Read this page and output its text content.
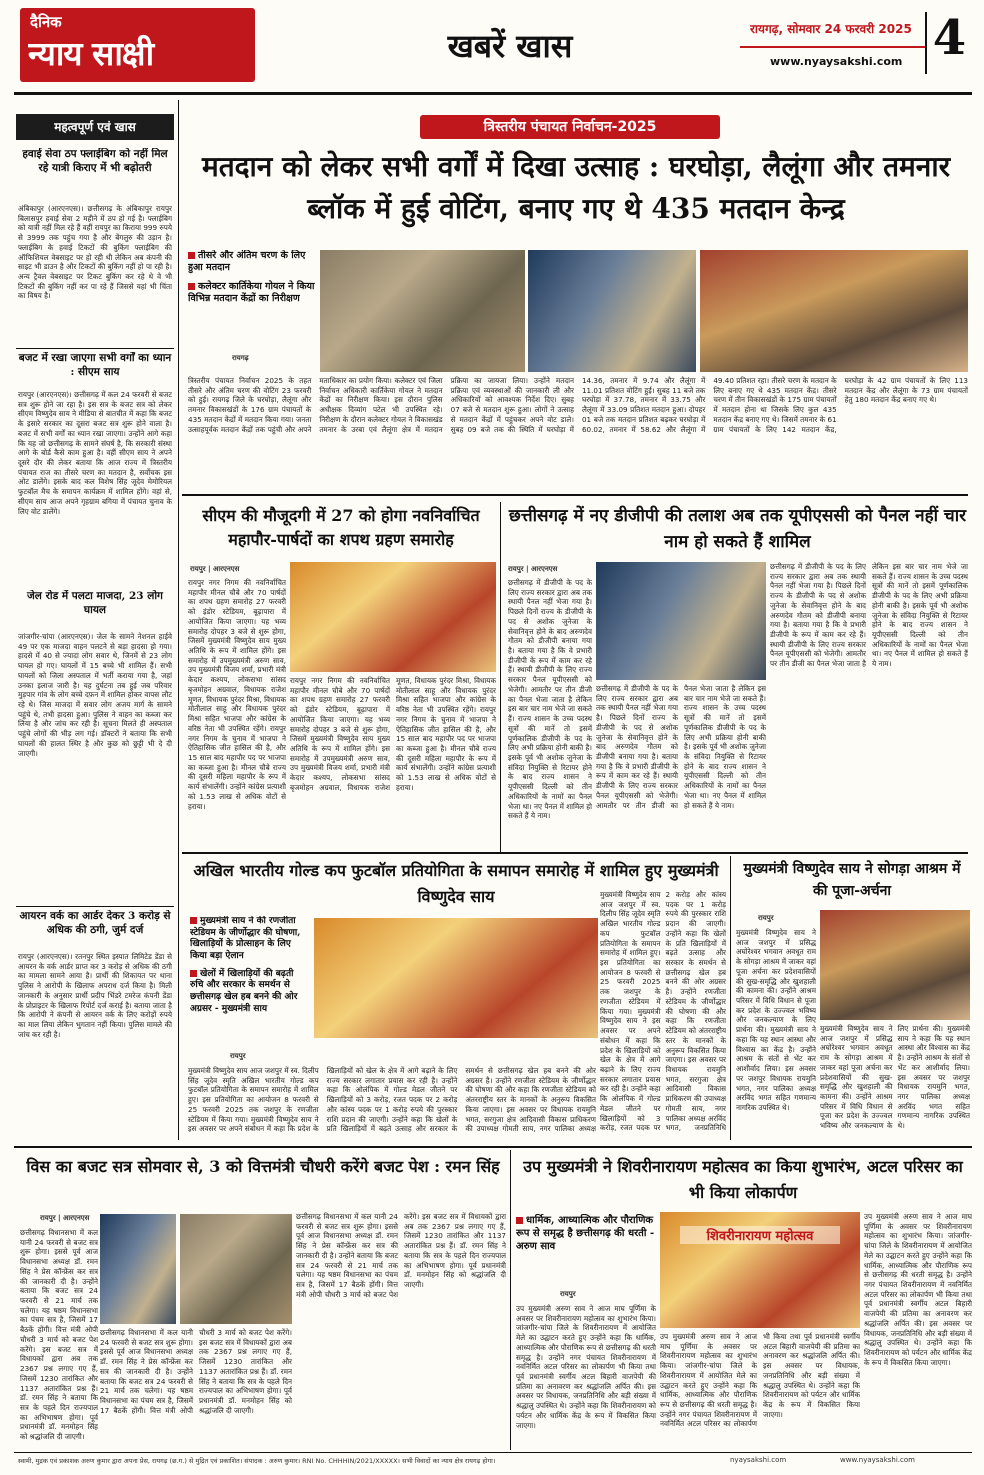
दैनिक
न्याय साक्षी	खबरें खास	रायगढ़, सोमवार 24 फरवरी 2025
www.nyaysakshi.com 4
महत्वपूर्ण एवं खास
हवाई सेवा ठप फ्लाईबिग को नहीं मिल रहे यात्री किराए में भी बढ़ोतरी
अंबिकापुर (आरएनएस)। छत्तीसगढ़ के अंबिकापुर रायपुर बिलासपुर हवाई सेवा 2 महीने में ठप हो गई है। फ्लाईबिग को यात्री नहीं मिल रहे हैं वहीं रायपुर का किराया 999 रुपये से 3999 तक पहुंच गया है और बेंगलुरु की उड़ान है। फ्लाईबिग के हवाई टिकटों की बुकिंग फ्लाईबिग की ऑफिशियल वेबसाइट पर हो रही थी लेकिन अब कंपनी की साइट भी डाउन है और टिकटों की बुकिंग नहीं हो पा रही है। अन्य ट्रैवल वेबसाइट पर टिकट बुकिंग कर रहे थे वे भी टिकटों की बुकिंग नहीं कर पा रहे हैं जिससे यहां भी चिंता का विषय है।
बजट में रखा जाएगा सभी वर्गों का ध्यान : सीएम साय
रायपुर (आरएनएस)। छत्तीसगढ़ में कल 24 फरवरी से बजट सत्र शुरू होने जा रहा है। इस सत्र के बजट सत्र को लेकर सीएम विष्णुदेव साय ने मीडिया से बातचीत में कहा कि बजट के इसारे सरकार का दूसरा बजट सत्र शुरू होने वाला है। बजट में सभी वर्गों का ध्यान रखा जाएगा। उन्होंने आगे कहा कि यह जो छत्तीसगढ़ के सामने संघर्ष है, कि सरकारी संस्था आगे के बोर्ड कैसे काम हुआ है। वहीं सीएम साय ने अपने दूसरे दौर की लेकर बताया कि आज राज्य में त्रिस्तरीय पंचायत राज का तीसरे चरण का मतदान है, सर्वोचक इस ओट डालेंगे। इसके बाद कल विशेष सिंह जूदेव मेमोरियल फुटबॉल मैच के समापन कार्यक्रम में शामिल होंगे। वहां से, सीएम साय आज अपने गृहग्राम बगिया में पंचायत चुनाव के लिए वोट डालेंगे।
जेल रोड में पलटा माजदा, 23 लोग घायल
जांजगीर-चांपा (आरएनएस)। जेल के सामने नेशनल हाईवे 49 पर एक माजदा वाहन पलटने से बड़ा हादसा हो गया। हादसे में 40 से ज्यादा लोग सवार थे, जिनमें से 23 लोग घायल हो गए। घायलों में 15 बच्चे भी शामिल हैं। सभी घायलों को जिला अस्पताल में भर्ती कराया गया है, जहां उनका इलाज जारी है। यह दुर्घटना तब हुई जब परिवार मुड़पार गांव के लोग बच्चे दफ़न में शामिल होकर वापस लौट रहे थे। जिस माजदा में सवार लोग अजय मार्ग के सामने पहुंचे थे, तभी हादसा हुआ। पुलिस ने वाहन का कब्जा कर लिया है और जांच कर रही है। सूचना मिलते ही अस्पताल पहुंचे लोगों की भीड़ लग गई। डॉक्टरों ने बताया कि सभी घायलों की हालत स्थिर है और कुछ को छुट्टी भी दे दी जाएगी।
आयरन वर्क का आर्डर देकर 3 करोड़ से अधिक की ठगी, जुर्म दर्ज
रायपुर (आरएनएस)। रतनपुर स्थित इस्पात लिमिटेड डेंडा से आयरन के वर्क आर्डर प्राप्त कर 3 करोड़ से अधिक की ठगी का मामला सामने आया है। प्रार्थी की शिकायत पर थाना पुलिस ने आरोपी के खिलाफ अपराध दर्ज किया है। मिली जानकारी के अनुसार प्रार्थी प्रदीप भिंडरे टमरेज कंपनी डेंडा के प्रोप्राइटर के खिलाफ रिपोर्ट दर्ज कराई है। बताया जाता है कि आरोपी ने कंपनी से आयरन वर्क के लिए करोड़ों रुपये का माल लिया लेकिन भुगतान नहीं किया। पुलिस मामले की जांच कर रही है।
त्रिस्तरीय पंचायत निर्वाचन-2025
मतदान को लेकर सभी वर्गों में दिखा उत्साह : घरघोड़ा, लैलूंगा और तमनार ब्लॉक में हुई वोटिंग, बनाए गए थे 435 मतदान केन्द्र
तीसरे और अंतिम चरण के लिए हुआ मतदान
कलेक्टर कार्तिकेया गोयल ने किया विभिन्न मतदान केंद्रों का निरीक्षण
रायगढ़
त्रिस्तरीय पंचायत निर्वाचन 2025 के तहत तीसरे और अंतिम चरण की वोटिंग 23 फरवरी को हुई। रायगढ़ जिले के घरघोड़ा, लैलूंगा और तमनार विकासखंडों के 176 ग्राम पंचायतों के 435 मतदान केंद्रों में मतदान किया गया। जनता उत्साहपूर्वक मतदान केंद्रों तक पहुंची और अपने मताधिकार का प्रयोग किया। कलेक्टर एवं जिला निर्वाचन अधिकारी कार्तिकेया गोयल ने मतदान केंद्रों का निरीक्षण किया। इस दौरान पुलिस अधीक्षक दिव्यांग पटेल भी उपस्थित रहे। निरीक्षण के दौरान कलेक्टर गोयल ने विकासखंड तमनार के उरबा एवं लैलूंगा क्षेत्र में मतदान प्रक्रिया का जायजा लिया। उन्होंने मतदान प्रक्रिया एवं व्यवस्थाओं की जानकारी ली और अधिकारियों को आवश्यक निर्देश दिए। सुबह 07 बजे से मतदान शुरू हुआ। लोगों ने उत्साह से मतदान केंद्रों में पहुंचकर अपने वोट डाले। सुबह 09 बजे तक की स्थिति में घरघोड़ा में 14.36, तमनार में 9.74 और लैलूंगा में 11.01 प्रतिशत वोटिंग हुई। सुबह 11 बजे तक घरघोड़ा में 37.78, तमनार में 33.75 और लैलूंगा में 33.09 प्रतिशत मतदान हुआ। दोपहर 01 बजे तक मतदान प्रतिशत बढ़कर घरघोड़ा में 60.02, तमनार में 58.62 और लैलूंगा में 49.40 प्रतिशत रहा। तीसरे चरण के मतदान के लिए बनाए गए थे 435 मतदान केंद्र। तीसरे चरण में तीन विकासखंडों के 175 ग्राम पंचायतों में मतदान होना था जिसके लिए कुल 435 मतदान केंद्र बनाए गए थे। जिसमें तमनार के 61 ग्राम पंचायतों के लिए 142 मतदान केंद्र, घरघोड़ा के 42 ग्राम पंचायतों के लिए 113 मतदान केंद्र और लैलूंगा के 73 ग्राम पंचायतों हेतु 180 मतदान केंद्र बनाए गए थे।
सीएम की मौजूदगी में 27 को होगा नवनिर्वाचित महापौर-पार्षदों का शपथ ग्रहण समारोह
रायपुर | आरएनएस
रायपुर नगर निगम की नवनिर्वाचित महापौर मीनल चौबे और 70 पार्षदों का शपथ ग्रहण समारोह 27 फरवरी को इंडोर स्टेडियम, बूढ़ापारा में आयोजित किया जाएगा। यह भव्य समारोह दोपहर 3 बजे से शुरू होगा, जिसमें मुख्यमंत्री विष्णुदेव साय मुख्य अतिथि के रूप में शामिल होंगे। इस समारोह में उपमुख्यमंत्री अरुण साव, उप मुख्यमंत्री विजय शर्मा, प्रभारी मंत्री केदार कश्यप, लोकसभा सांसद बृजमोहन अग्रवाल, विधायक राजेश मूणत, विधायक पुरंदर मिश्रा, विधायक मोतीलाल साहू और विधायक पुरंदर मिश्रा सहित भाजपा और कांग्रेस के वरिष्ठ नेता भी उपस्थित रहेंगे। रायपुर नगर निगम के चुनाव में भाजपा ने ऐतिहासिक जीत हासिल की है, और 15 साल बाद महापौर पद पर भाजपा का कब्जा हुआ है। मीनल चौबे राज्य की दूसरी महिला महापौर के रूप में कार्य संभालेंगी। उन्होंने कांग्रेस प्रत्याशी को 1.53 लाख से अधिक वोटों से हराया।
रायपुर नगर निगम की नवनिर्वाचित महापौर मीनल चौबे और 70 पार्षदों का शपथ ग्रहण समारोह 27 फरवरी को इंडोर स्टेडियम, बूढ़ापारा में आयोजित किया जाएगा। यह भव्य समारोह दोपहर 3 बजे से शुरू होगा, जिसमें मुख्यमंत्री विष्णुदेव साय मुख्य अतिथि के रूप में शामिल होंगे। इस समारोह में उपमुख्यमंत्री अरुण साव, उप मुख्यमंत्री विजय शर्मा, प्रभारी मंत्री केदार कश्यप, लोकसभा सांसद बृजमोहन अग्रवाल, विधायक राजेश मूणत, विधायक पुरंदर मिश्रा, विधायक मोतीलाल साहू और विधायक पुरंदर मिश्रा सहित भाजपा और कांग्रेस के वरिष्ठ नेता भी उपस्थित रहेंगे। रायपुर नगर निगम के चुनाव में भाजपा ने ऐतिहासिक जीत हासिल की है, और 15 साल बाद महापौर पद पर भाजपा का कब्जा हुआ है। मीनल चौबे राज्य की दूसरी महिला महापौर के रूप में कार्य संभालेंगी। उन्होंने कांग्रेस प्रत्याशी को 1.53 लाख से अधिक वोटों से हराया।
छत्तीसगढ़ में नए डीजीपी की तलाश अब तक यूपीएससी को पैनल नहीं चार नाम हो सकते हैं शामिल
रायपुर | आरएनएस
छत्तीसगढ़ में डीजीपी के पद के लिए राज्य सरकार द्वारा अब तक स्थायी पैनल नहीं भेजा गया है। पिछले दिनों राज्य के डीजीपी के पद से अशोक जुनेजा के सेवानिवृत्त होने के बाद अरुणदेव गौतम को डीजीपी बनाया गया है। बताया गया है कि वे प्रभारी डीजीपी के रूप में काम कर रहे हैं। स्थायी डीजीपी के लिए राज्य सरकार पैनल यूपीएससी को भेजेगी। आमतौर पर तीन डीजी का पैनल भेजा जाता है लेकिन इस बार चार नाम भेजे जा सकते हैं। राज्य शासन के उच्च पदस्थ सूत्रों की मानें तो इसमें पूर्णकालिक डीजीपी के पद के लिए अभी प्रक्रिया होनी बाकी है। इसके पूर्व भी अशोक जुनेजा के संविदा नियुक्ति से रिटायर होने के बाद राज्य शासन ने यूपीएससी दिल्ली को तीन अधिकारियों के नामों का पैनल भेजा था। नए पैनल में शामिल हो सकते हैं ये नाम।
छत्तीसगढ़ में डीजीपी के पद के लिए राज्य सरकार द्वारा अब तक स्थायी पैनल नहीं भेजा गया है। पिछले दिनों राज्य के डीजीपी के पद से अशोक जुनेजा के सेवानिवृत्त होने के बाद अरुणदेव गौतम को डीजीपी बनाया गया है। बताया गया है कि वे प्रभारी डीजीपी के रूप में काम कर रहे हैं। स्थायी डीजीपी के लिए राज्य सरकार पैनल यूपीएससी को भेजेगी। आमतौर पर तीन डीजी का पैनल भेजा जाता है लेकिन इस बार चार नाम भेजे जा सकते हैं। राज्य शासन के उच्च पदस्थ सूत्रों की मानें तो इसमें पूर्णकालिक डीजीपी के पद के लिए अभी प्रक्रिया होनी बाकी है। इसके पूर्व भी अशोक जुनेजा के संविदा नियुक्ति से रिटायर होने के बाद राज्य शासन ने यूपीएससी दिल्ली को तीन अधिकारियों के नामों का पैनल भेजा था। नए पैनल में शामिल हो सकते हैं ये नाम।
छत्तीसगढ़ में डीजीपी के पद के लिए राज्य सरकार द्वारा अब तक स्थायी पैनल नहीं भेजा गया है। पिछले दिनों राज्य के डीजीपी के पद से अशोक जुनेजा के सेवानिवृत्त होने के बाद अरुणदेव गौतम को डीजीपी बनाया गया है। बताया गया है कि वे प्रभारी डीजीपी के रूप में काम कर रहे हैं। स्थायी डीजीपी के लिए राज्य सरकार पैनल यूपीएससी को भेजेगी। आमतौर पर तीन डीजी का पैनल भेजा जाता है लेकिन इस बार चार नाम भेजे जा सकते हैं। राज्य शासन के उच्च पदस्थ सूत्रों की मानें तो इसमें पूर्णकालिक डीजीपी के पद के लिए अभी प्रक्रिया होनी बाकी है। इसके पूर्व भी अशोक जुनेजा के संविदा नियुक्ति से रिटायर होने के बाद राज्य शासन ने यूपीएससी दिल्ली को तीन अधिकारियों के नामों का पैनल भेजा था। नए पैनल में शामिल हो सकते हैं ये नाम।
अखिल भारतीय गोल्ड कप फुटबॉल प्रतियोगिता के समापन समारोह में शामिल हुए मुख्यमंत्री विष्णुदेव साय
मुख्यमंत्री साय ने की रणजीता स्टेडियम के जीर्णोद्धार की घोषणा, खिलाड़ियों के प्रोत्साहन के लिए किया बड़ा ऐलान
खेलों में खिलाड़ियों की बढ़ती रुचि और सरकार के समर्थन से छत्तीसगढ़ खेल हब बनने की ओर अग्रसर - मुख्यमंत्री साय
मुख्यमंत्री विष्णुदेव साय आज जशपुर में स्व. दिलीप सिंह जूदेव स्मृति अखिल भारतीय गोल्ड कप फुटबॉल प्रतियोगिता के समापन समारोह में शामिल हुए। इस प्रतियोगिता का आयोजन 8 फरवरी से 25 फरवरी 2025 तक जशपुर के रणजीता स्टेडियम में किया गया। मुख्यमंत्री विष्णुदेव साय ने इस अवसर पर अपने संबोधन में कहा कि प्रदेश के खिलाड़ियों को खेल के क्षेत्र में आगे बढ़ाने के लिए राज्य सरकार लगातार प्रयास कर रही है। उन्होंने कहा कि ओलंपिक में गोल्ड मेडल जीतने पर खिलाड़ियों को 3 करोड़, रजत पदक पर 2 करोड़ और कांस्य पदक पर 1 करोड़ रुपये की पुरस्कार राशि प्रदान की जाएगी। उन्होंने कहा कि खेलों के प्रति खिलाड़ियों में बढ़ते उत्साह और सरकार के समर्थन से छत्तीसगढ़ खेल हब बनने की ओर अग्रसर है। उन्होंने रणजीता स्टेडियम के जीर्णोद्धार की घोषणा की और कहा कि रणजीता स्टेडियम को अंतरराष्ट्रीय स्तर के मानकों के अनुरूप विकसित किया जाएगा। इस अवसर पर विधायक रायमुनि भगत, सरगुजा क्षेत्र आदिवासी विकास प्राधिकरण की उपाध्यक्ष गोमती साय, नगर पालिका अध्यक्ष अरविंद भगत, जनप्रतिनिधि
रायपुर
मुख्यमंत्री विष्णुदेव साय आज जशपुर में स्व. दिलीप सिंह जूदेव स्मृति अखिल भारतीय गोल्ड कप फुटबॉल प्रतियोगिता के समापन समारोह में शामिल हुए। इस प्रतियोगिता का आयोजन 8 फरवरी से 25 फरवरी 2025 तक जशपुर के रणजीता स्टेडियम में किया गया। मुख्यमंत्री विष्णुदेव साय ने इस अवसर पर अपने संबोधन में कहा कि प्रदेश के खिलाड़ियों को खेल के क्षेत्र में आगे बढ़ाने के लिए राज्य सरकार लगातार प्रयास कर रही है। उन्होंने कहा कि ओलंपिक में गोल्ड मेडल जीतने पर खिलाड़ियों को 3 करोड़, रजत पदक पर 2 करोड़ और कांस्य पदक पर 1 करोड़ रुपये की पुरस्कार राशि प्रदान की जाएगी। उन्होंने कहा कि खेलों के प्रति खिलाड़ियों में बढ़ते उत्साह और सरकार के समर्थन से छत्तीसगढ़ खेल हब बनने की ओर अग्रसर है। उन्होंने रणजीता स्टेडियम के जीर्णोद्धार की घोषणा की और कहा कि रणजीता स्टेडियम को अंतरराष्ट्रीय स्तर के मानकों के अनुरूप विकसित किया जाएगा। इस अवसर पर विधायक रायमुनि भगत, सरगुजा क्षेत्र आदिवासी विकास प्राधिकरण की उपाध्यक्ष गोमती साय, नगर पालिका अध्यक्ष
मुख्यमंत्री विष्णुदेव साय ने सोगड़ा आश्रम में की पूजा-अर्चना
रायपुर
मुख्यमंत्री विष्णुदेव साय ने आज जशपुर में प्रसिद्ध अघोरेश्वर भगवान अवधूत राम के सोगड़ा आश्रम में जाकर वहां पूजा अर्चना कर प्रदेशवासियों की सुख-समृद्धि और खुशहाली की कामना की। उन्होंने आश्रम परिसर में विधि विधान से पूजा कर प्रदेश के उज्ज्वल भविष्य और जनकल्याण के लिए प्रार्थना की। मुख्यमंत्री साय ने कहा कि यह स्थान आस्था और विश्वास का केंद्र है। उन्होंने आश्रम के संतों से भेंट कर आशीर्वाद लिया। इस अवसर पर जशपुर विधायक रायमुनि भगत, नगर पालिका अध्यक्ष अरविंद भगत सहित गणमान्य नागरिक उपस्थित थे।
मुख्यमंत्री विष्णुदेव साय ने आज जशपुर में प्रसिद्ध अघोरेश्वर भगवान अवधूत राम के सोगड़ा आश्रम में जाकर वहां पूजा अर्चना कर प्रदेशवासियों की सुख-समृद्धि और खुशहाली की कामना की। उन्होंने आश्रम परिसर में विधि विधान से पूजा कर प्रदेश के उज्ज्वल भविष्य और जनकल्याण के लिए प्रार्थना की। मुख्यमंत्री साय ने कहा कि यह स्थान आस्था और विश्वास का केंद्र है। उन्होंने आश्रम के संतों से भेंट कर आशीर्वाद लिया। इस अवसर पर जशपुर विधायक रायमुनि भगत, नगर पालिका अध्यक्ष अरविंद भगत सहित गणमान्य नागरिक उपस्थित थे।
विस का बजट सत्र सोमवार से, 3 को वित्तमंत्री चौधरी करेंगे बजट पेश : रमन सिंह
रायपुर | आरएनएस
छत्तीसगढ़ विधानसभा में कल यानी 24 फरवरी से बजट सत्र शुरू होगा। इससे पूर्व आज विधानसभा अध्यक्ष डॉ. रमन सिंह ने प्रेस कॉन्फ्रेंस कर सत्र की जानकारी दी है। उन्होंने बताया कि बजट सत्र 24 फरवरी से 21 मार्च तक चलेगा। यह षष्ठम विधानसभा का पंचम सत्र है, जिसमें 17 बैठकें होंगी। वित्त मंत्री ओपी चौधरी 3 मार्च को बजट पेश करेंगे। इस बजट सत्र में विधायकों द्वारा अब तक 2367 प्रश्न लगाए गए हैं, जिसमें 1230 तारांकित और 1137 अतारांकित प्रश्न हैं। डॉ. रमन सिंह ने बताया कि सत्र के पहले दिन राज्यपाल का अभिभाषण होगा। पूर्व प्रधानमंत्री डॉ. मनमोहन सिंह को श्रद्धांजलि दी जाएगी।
छत्तीसगढ़ विधानसभा में कल यानी 24 फरवरी से बजट सत्र शुरू होगा। इससे पूर्व आज विधानसभा अध्यक्ष डॉ. रमन सिंह ने प्रेस कॉन्फ्रेंस कर सत्र की जानकारी दी है। उन्होंने बताया कि बजट सत्र 24 फरवरी से 21 मार्च तक चलेगा। यह षष्ठम विधानसभा का पंचम सत्र है, जिसमें 17 बैठकें होंगी। वित्त मंत्री ओपी चौधरी 3 मार्च को बजट पेश करेंगे। इस बजट सत्र में विधायकों द्वारा अब तक 2367 प्रश्न लगाए गए हैं, जिसमें 1230 तारांकित और 1137 अतारांकित प्रश्न हैं। डॉ. रमन सिंह ने बताया कि सत्र के पहले दिन राज्यपाल का अभिभाषण होगा। पूर्व प्रधानमंत्री डॉ. मनमोहन सिंह को श्रद्धांजलि दी जाएगी।
छत्तीसगढ़ विधानसभा में कल यानी 24 फरवरी से बजट सत्र शुरू होगा। इससे पूर्व आज विधानसभा अध्यक्ष डॉ. रमन सिंह ने प्रेस कॉन्फ्रेंस कर सत्र की जानकारी दी है। उन्होंने बताया कि बजट सत्र 24 फरवरी से 21 मार्च तक चलेगा। यह षष्ठम विधानसभा का पंचम सत्र है, जिसमें 17 बैठकें होंगी। वित्त मंत्री ओपी चौधरी 3 मार्च को बजट पेश करेंगे। इस बजट सत्र में विधायकों द्वारा अब तक 2367 प्रश्न लगाए गए हैं, जिसमें 1230 तारांकित और 1137 अतारांकित प्रश्न हैं। डॉ. रमन सिंह ने बताया कि सत्र के पहले दिन राज्यपाल का अभिभाषण होगा। पूर्व प्रधानमंत्री डॉ. मनमोहन सिंह को श्रद्धांजलि दी जाएगी।
उप मुख्यमंत्री ने शिवरीनारायण महोत्सव का किया शुभारंभ, अटल परिसर का भी किया लोकार्पण
धार्मिक, आध्यात्मिक और पौराणिक रूप से समृद्ध है छत्तीसगढ़ की धरती - अरुण साव
रायपुर
शिवरीनारायण महोत्सव
उप मुख्यमंत्री अरुण साव ने आज माघ पूर्णिमा के अवसर पर शिवरीनारायण महोत्सव का शुभारंभ किया। जांजगीर-चांपा जिले के शिवरीनारायण में आयोजित मेले का उद्घाटन करते हुए उन्होंने कहा कि धार्मिक, आध्यात्मिक और पौराणिक रूप से छत्तीसगढ़ की धरती समृद्ध है। उन्होंने नगर पंचायत शिवरीनारायण में नवनिर्मित अटल परिसर का लोकार्पण भी किया तथा पूर्व प्रधानमंत्री स्वर्गीय अटल बिहारी वाजपेयी की प्रतिमा का अनावरण कर श्रद्धांजलि अर्पित की। इस अवसर पर विधायक, जनप्रतिनिधि और बड़ी संख्या में श्रद्धालु उपस्थित थे। उन्होंने कहा कि शिवरीनारायण को पर्यटन और धार्मिक केंद्र के रूप में विकसित किया जाएगा।
उप मुख्यमंत्री अरुण साव ने आज माघ पूर्णिमा के अवसर पर शिवरीनारायण महोत्सव का शुभारंभ किया। जांजगीर-चांपा जिले के शिवरीनारायण में आयोजित मेले का उद्घाटन करते हुए उन्होंने कहा कि धार्मिक, आध्यात्मिक और पौराणिक रूप से छत्तीसगढ़ की धरती समृद्ध है। उन्होंने नगर पंचायत शिवरीनारायण में नवनिर्मित अटल परिसर का लोकार्पण भी किया तथा पूर्व प्रधानमंत्री स्वर्गीय अटल बिहारी वाजपेयी की प्रतिमा का अनावरण कर श्रद्धांजलि अर्पित की। इस अवसर पर विधायक, जनप्रतिनिधि और बड़ी संख्या में श्रद्धालु उपस्थित थे। उन्होंने कहा कि शिवरीनारायण को पर्यटन और धार्मिक केंद्र के रूप में विकसित किया जाएगा।
उप मुख्यमंत्री अरुण साव ने आज माघ पूर्णिमा के अवसर पर शिवरीनारायण महोत्सव का शुभारंभ किया। जांजगीर-चांपा जिले के शिवरीनारायण में आयोजित मेले का उद्घाटन करते हुए उन्होंने कहा कि धार्मिक, आध्यात्मिक और पौराणिक रूप से छत्तीसगढ़ की धरती समृद्ध है। उन्होंने नगर पंचायत शिवरीनारायण में नवनिर्मित अटल परिसर का लोकार्पण भी किया तथा पूर्व प्रधानमंत्री स्वर्गीय अटल बिहारी वाजपेयी की प्रतिमा का अनावरण कर श्रद्धांजलि अर्पित की। इस अवसर पर विधायक, जनप्रतिनिधि और बड़ी संख्या में श्रद्धालु उपस्थित थे। उन्होंने कहा कि शिवरीनारायण को पर्यटन और धार्मिक केंद्र के रूप में विकसित किया जाएगा।
स्वामी, मुद्रक एवं प्रकाशक अरुण कुमार द्वारा अपना प्रेस, रायगढ़ (छ.ग.) से मुद्रित एवं प्रकाशित। संपादक : अरुण कुमार। RNI No. CHHHIN/2021/XXXXX। सभी विवादों का न्याय क्षेत्र रायगढ़ होगा।	nyaysakshi.com	www.nyaysakshi.com
